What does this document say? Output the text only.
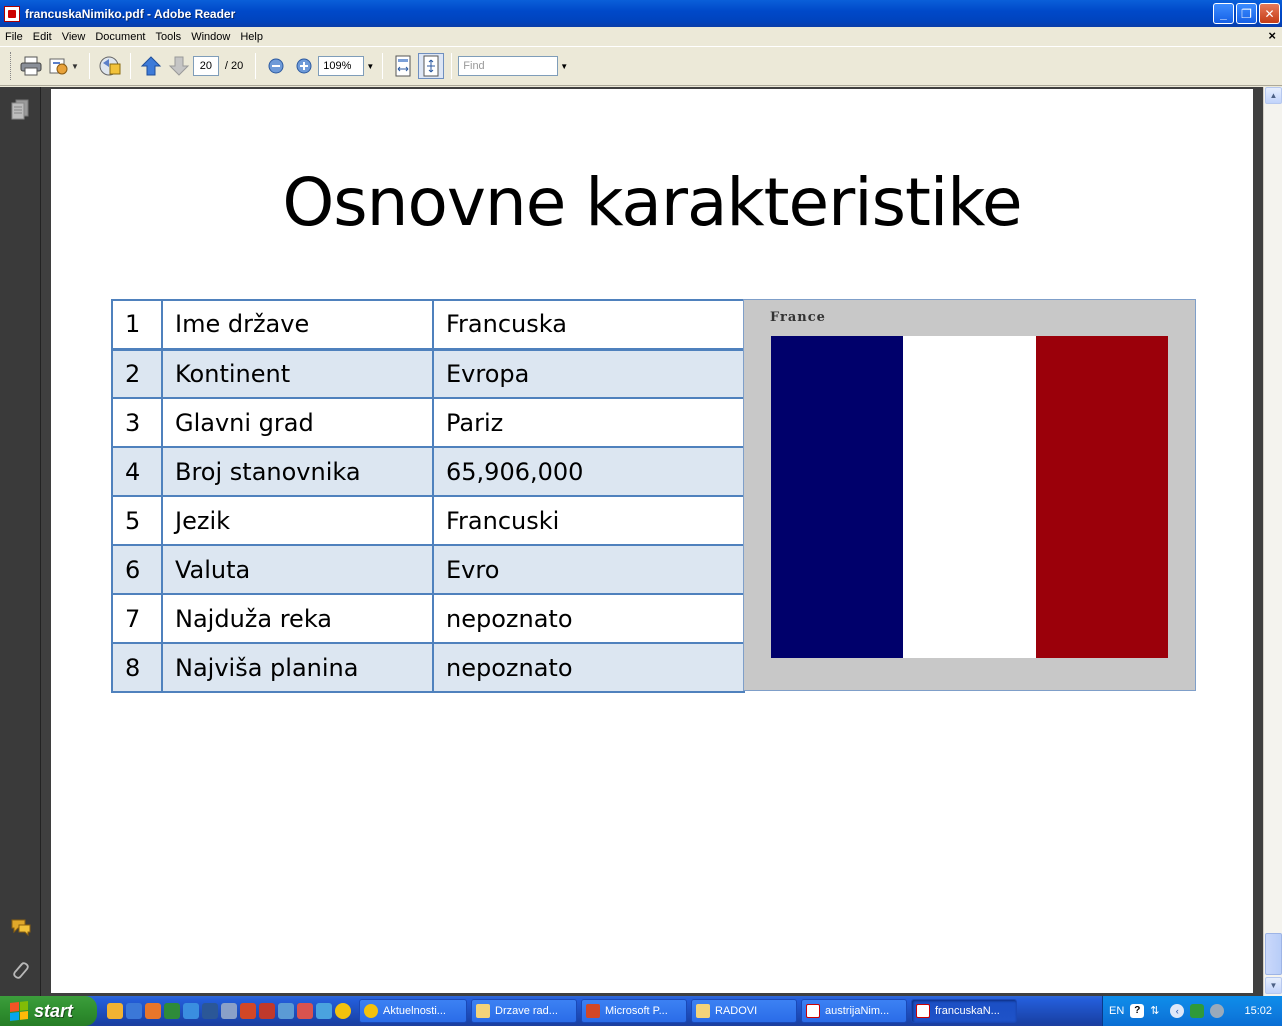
francuskaNimiko.pdf - Adobe Reader	_	❐	✕
File Edit View Document Tools Window Help	×
▼	20	/ 20	109%	▼	Find	▼
Osnovne karakteristike
1	Ime države	Francuska
2	Kontinent	Evropa
3	Glavni grad	Pariz
4	Broj stanovnika	65,906,000
5	Jezik	Francuski
6	Valuta	Evro
7	Najduža reka	nepoznato
8	Najviša planina	nepoznato
France
▲
▼
start	Aktuelnosti...	Drzave rad...	Microsoft P...	RADOVI	austrijaNim...	francuskaN...	EN ? ⇅	‹	15:02
